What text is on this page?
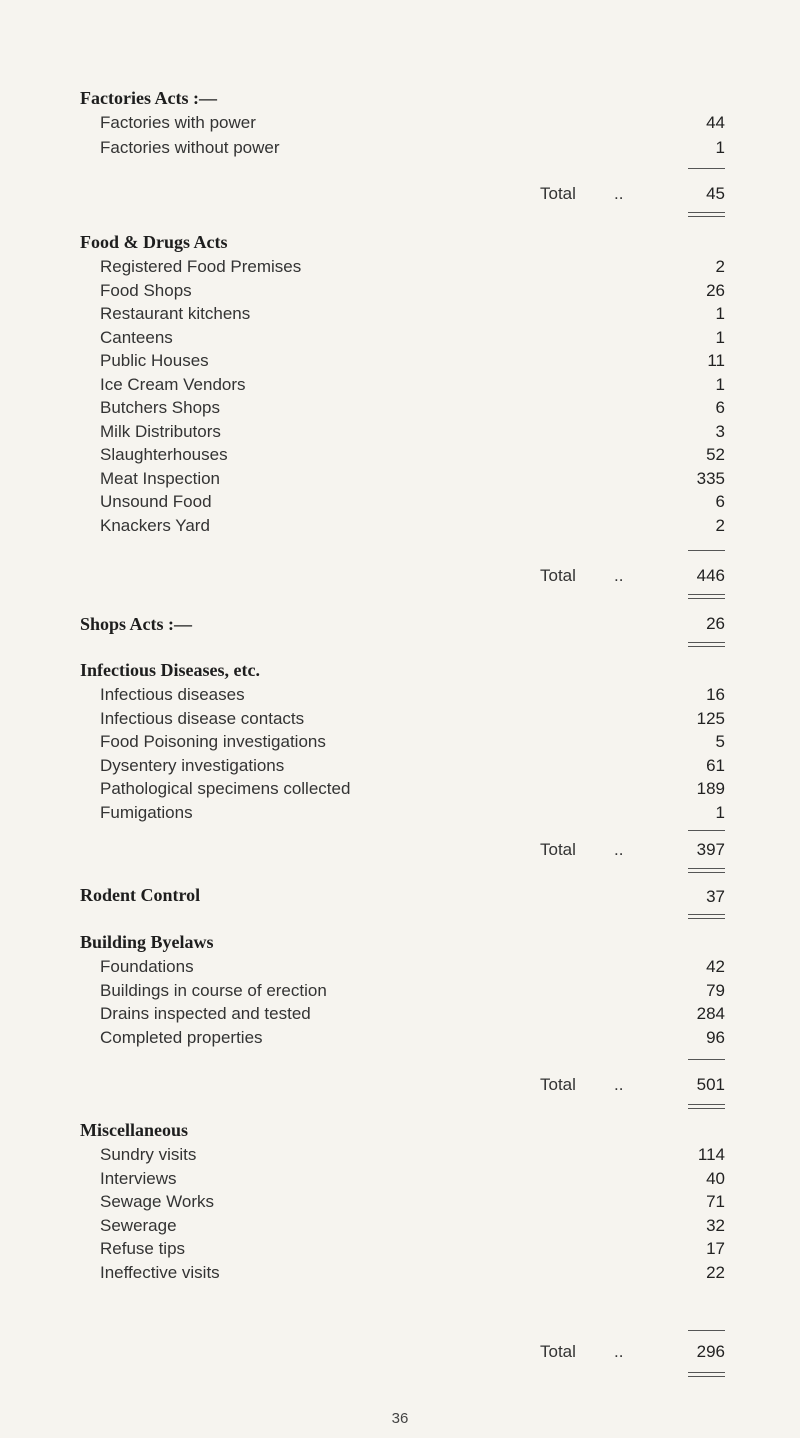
Factories Acts :—
Factories with power	44
Factories without power	1
Total ..	45
Food & Drugs Acts
Registered Food Premises	2
Food Shops	26
Restaurant kitchens	1
Canteens	1
Public Houses	11
Ice Cream Vendors	1
Butchers Shops	6
Milk Distributors	3
Slaughterhouses	52
Meat Inspection	335
Unsound Food	6
Knackers Yard	2
Total ..	446
Shops Acts :—	26
Infectious Diseases, etc.
Infectious diseases	16
Infectious disease contacts	125
Food Poisoning investigations	5
Dysentery investigations	61
Pathological specimens collected	189
Fumigations	1
Total ..	397
Rodent Control	37
Building Byelaws
Foundations	42
Buildings in course of erection	79
Drains inspected and tested	284
Completed properties	96
Total ..	501
Miscellaneous
Sundry visits	114
Interviews	40
Sewage Works	71
Sewerage	32
Refuse tips	17
Ineffective visits	22
Total ..	296
36
